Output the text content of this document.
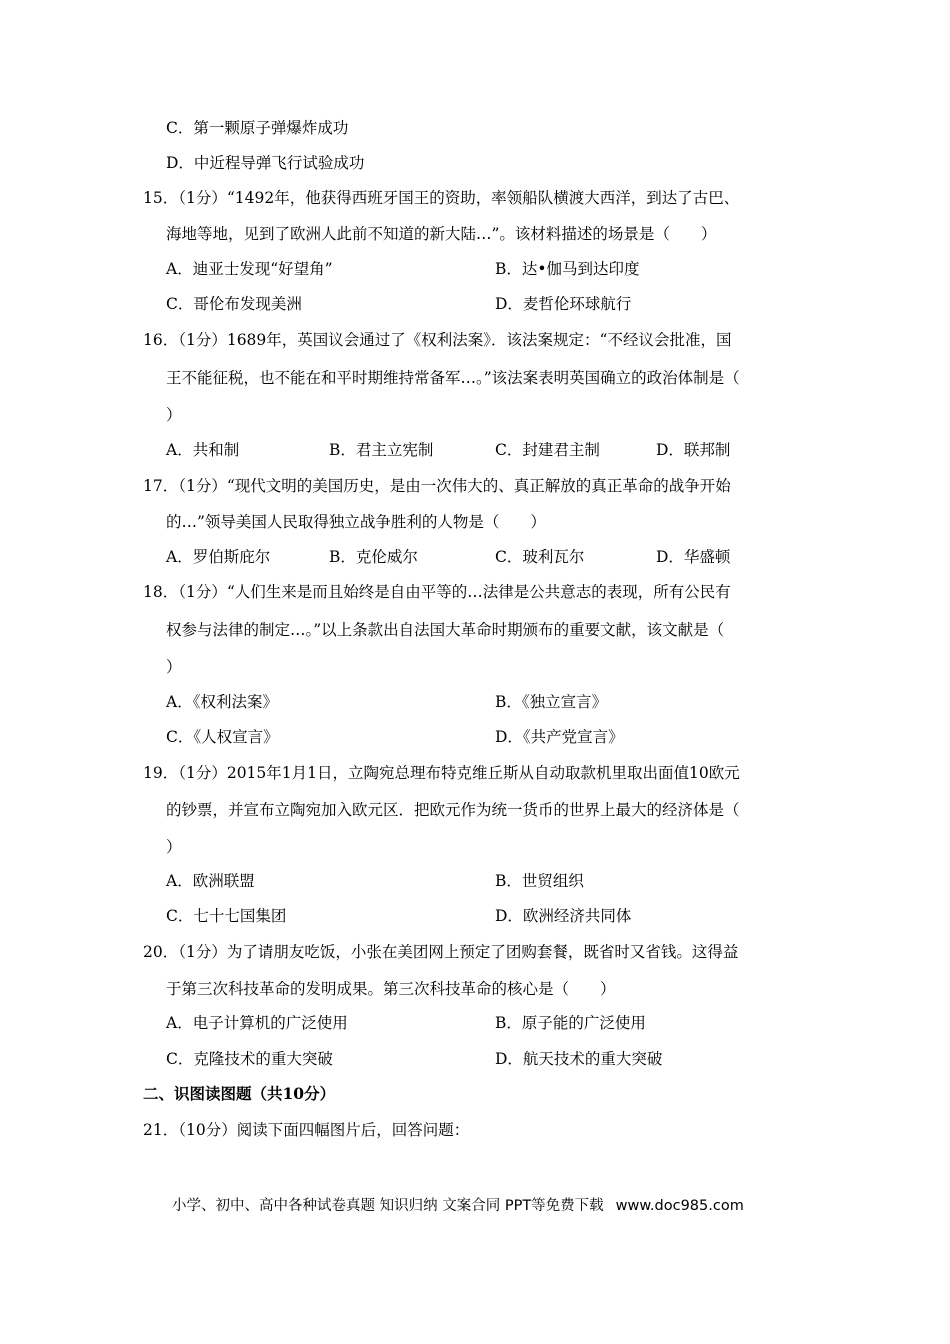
C．第一颗原子弹爆炸成功
D．中近程导弹飞行试验成功
15．（1分）“1492年，他获得西班牙国王的资助，率领船队横渡大西洋，到达了古巴、
海地等地，见到了欧洲人此前不知道的新大陆…”。该材料描述的场景是（　　）
A．迪亚士发现“好望角”	B．达•伽马到达印度
C．哥伦布发现美洲	D．麦哲伦环球航行
16．（1分）1689年，英国议会通过了《权利法案》．该法案规定：“不经议会批准，国
王不能征税，也不能在和平时期维持常备军…。”该法案表明英国确立的政治体制是（
）
A．共和制	B．君主立宪制	C．封建君主制	D．联邦制
17．（1分）“现代文明的美国历史，是由一次伟大的、真正解放的真正革命的战争开始
的…”领导美国人民取得独立战争胜利的人物是（　　）
A．罗伯斯庇尔	B．克伦威尔	C．玻利瓦尔	D．华盛顿
18．（1分）“人们生来是而且始终是自由平等的…法律是公共意志的表现，所有公民有
权参与法律的制定…。”以上条款出自法国大革命时期颁布的重要文献，该文献是（
）
A．《权利法案》	B．《独立宣言》
C．《人权宣言》	D．《共产党宣言》
19．（1分）2015年1月1日，立陶宛总理布特克维丘斯从自动取款机里取出面值10欧元
的钞票，并宣布立陶宛加入欧元区．把欧元作为统一货币的世界上最大的经济体是（
）
A．欧洲联盟	B．世贸组织
C．七十七国集团	D．欧洲经济共同体
20．（1分）为了请朋友吃饭，小张在美团网上预定了团购套餐，既省时又省钱。这得益
于第三次科技革命的发明成果。第三次科技革命的核心是（　　）
A．电子计算机的广泛使用	B．原子能的广泛使用
C．克隆技术的重大突破	D．航天技术的重大突破
二、识图读图题（共10分）
21．（10分）阅读下面四幅图片后，回答问题：
小学、初中、高中各种试卷真题 知识归纳 文案合同 PPT等免费下载 www.doc985.com
